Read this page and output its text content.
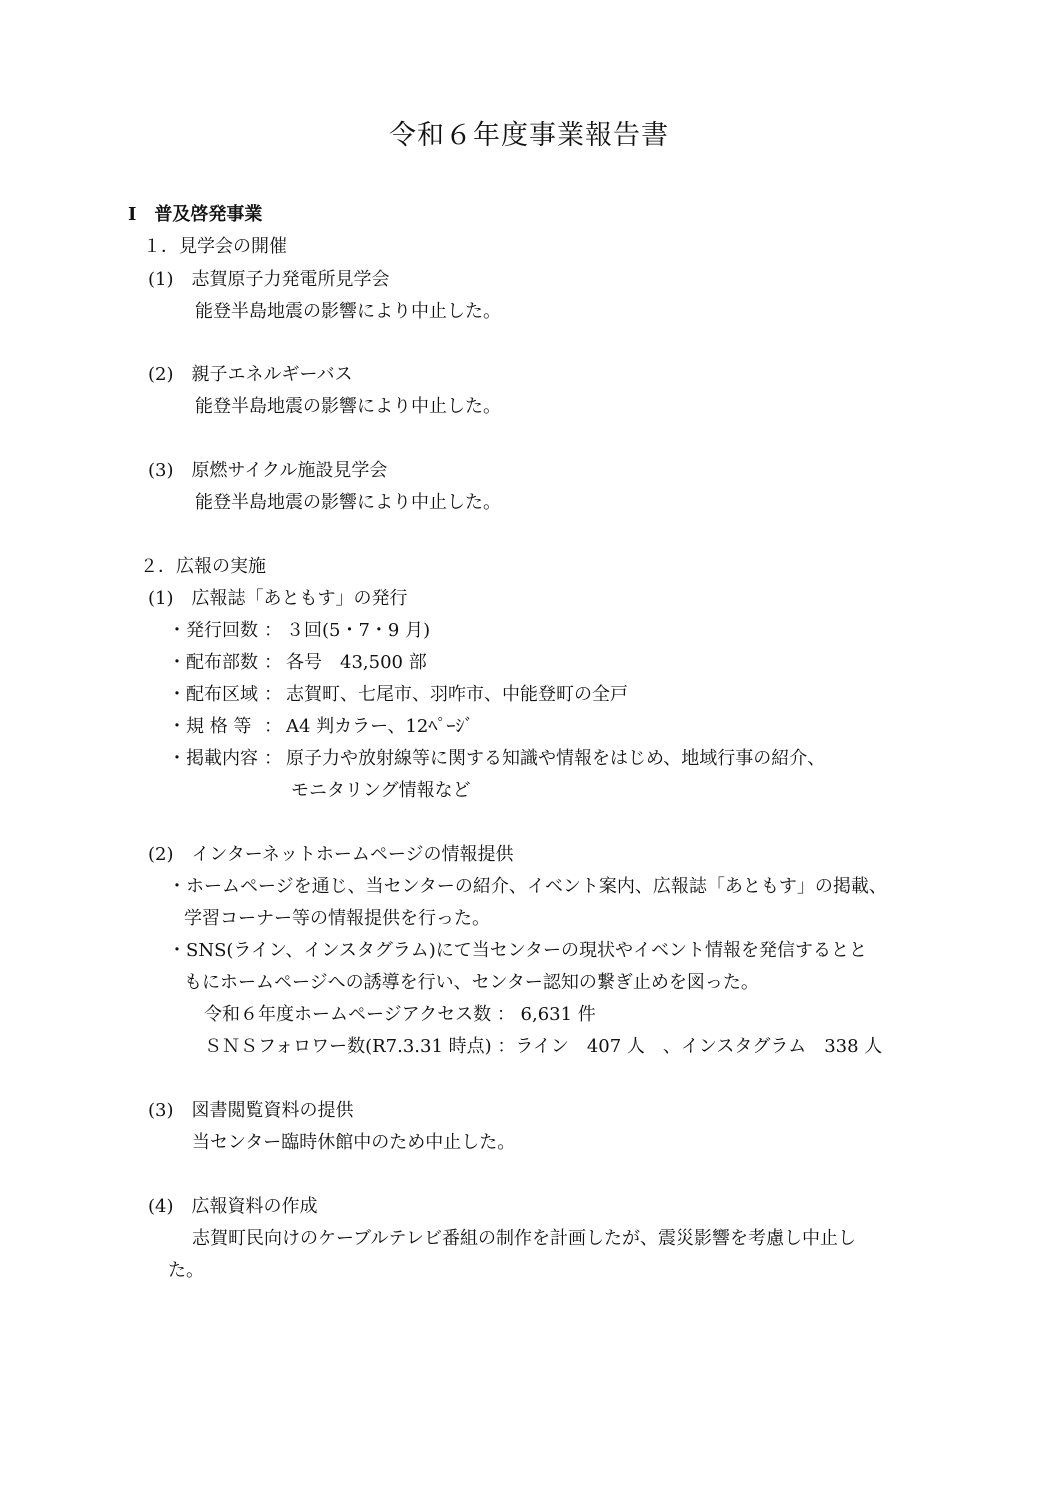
令和６年度事業報告書
Ⅰ　普及啓発事業
１．見学会の開催
(1)　志賀原子力発電所見学会
能登半島地震の影響により中止した。
(2)　親子エネルギーバス
能登半島地震の影響により中止した。
(3)　原燃サイクル施設見学会
能登半島地震の影響により中止した。
２．広報の実施
(1)　広報誌「あともす」の発行
・発行回数 ： ３回(5・7・9 月)
・配布部数 ： 各号　43,500 部
・配布区域 ： 志賀町、七尾市、羽咋市、中能登町の全戸
・規 格 等 ： A4 判カラー、12ﾍﾟｰｼﾞ
・掲載内容 ： 原子力や放射線等に関する知識や情報をはじめ、地域行事の紹介、
モニタリング情報など
(2)　インターネットホームページの情報提供
・ホームページを通じ、当センターの紹介、イベント案内、広報誌「あともす」の掲載、
学習コーナー等の情報提供を行った。
・SNS(ライン、インスタグラム)にて当センターの現状やイベント情報を発信するとと
もにホームページへの誘導を行い、センター認知の繋ぎ止めを図った。
令和６年度ホームページアクセス数 ： 6,631 件
ＳＮＳフォロワー数(R7.3.31 時点) ：ライン　407 人　、インスタグラム　338 人
(3)　図書閲覧資料の提供
当センター臨時休館中のため中止した。
(4)　広報資料の作成
志賀町民向けのケーブルテレビ番組の制作を計画したが、震災影響を考慮し中止し
た。
